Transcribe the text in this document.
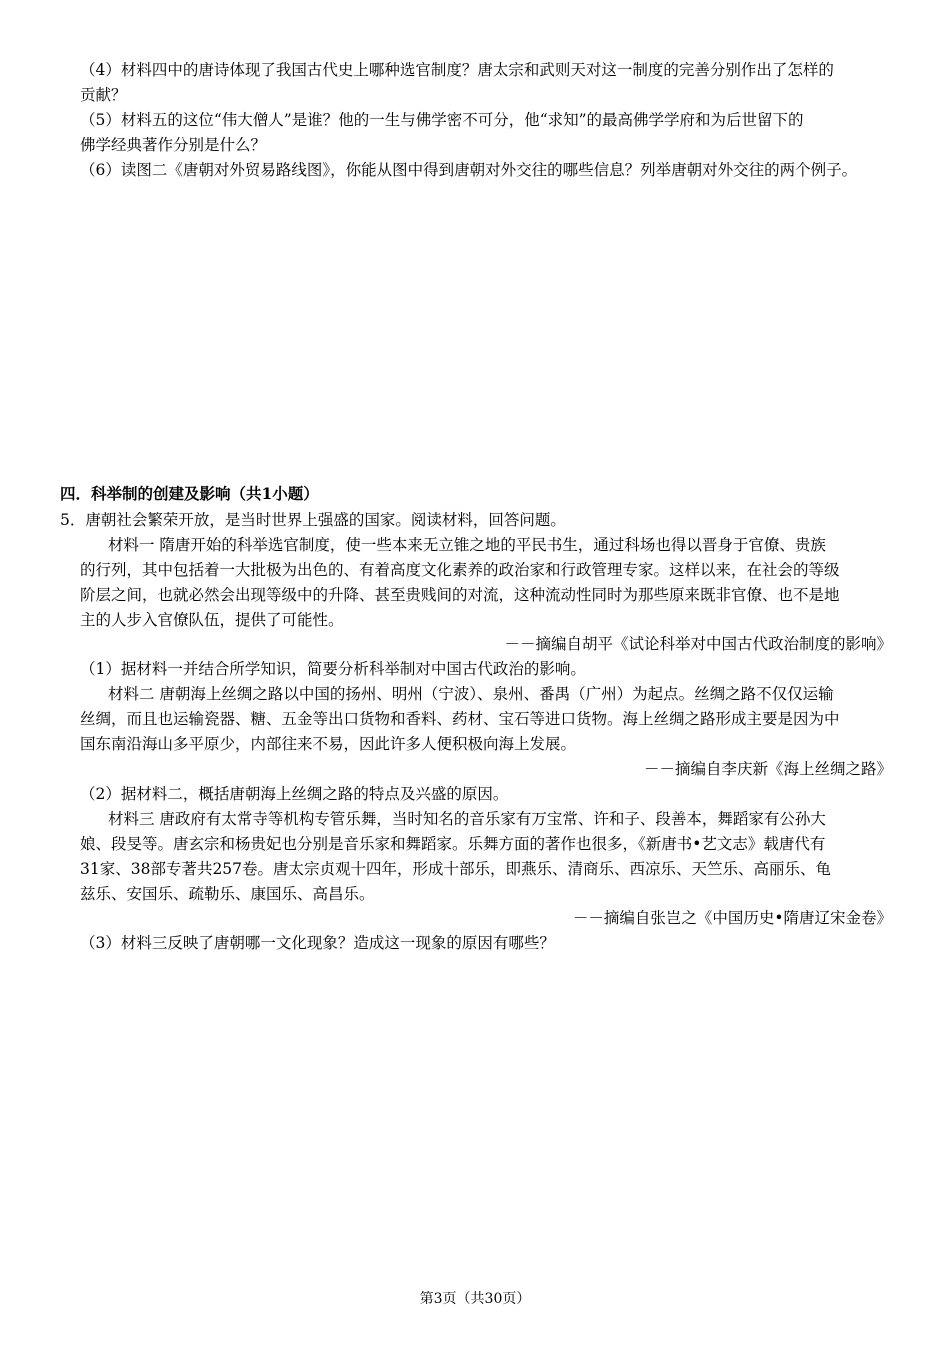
（4）材料四中的唐诗体现了我国古代史上哪种选官制度？唐太宗和武则天对这一制度的完善分别作出了怎样的
贡献？
（5）材料五的这位“伟大僧人”是谁？他的一生与佛学密不可分，他“求知”的最高佛学学府和为后世留下的
佛学经典著作分别是什么？
（6）读图二《唐朝对外贸易路线图》，你能从图中得到唐朝对外交往的哪些信息？列举唐朝对外交往的两个例子。
四．科举制的创建及影响（共1小题）
5．唐朝社会繁荣开放，是当时世界上强盛的国家。阅读材料，回答问题。
材料一 隋唐开始的科举选官制度，使一些本来无立锥之地的平民书生，通过科场也得以晋身于官僚、贵族
的行列，其中包括着一大批极为出色的、有着高度文化素养的政治家和行政管理专家。这样以来，在社会的等级
阶层之间，也就必然会出现等级中的升降、甚至贵贱间的对流，这种流动性同时为那些原来既非官僚、也不是地
主的人步入官僚队伍，提供了可能性。
－－摘编自胡平《试论科举对中国古代政治制度的影响》
（1）据材料一并结合所学知识，简要分析科举制对中国古代政治的影响。
材料二 唐朝海上丝绸之路以中国的扬州、明州（宁波）、泉州、番禺（广州）为起点。丝绸之路不仅仅运输
丝绸，而且也运输瓷器、糖、五金等出口货物和香料、药材、宝石等进口货物。海上丝绸之路形成主要是因为中
国东南沿海山多平原少，内部往来不易，因此许多人便积极向海上发展。
－－摘编自李庆新《海上丝绸之路》
（2）据材料二，概括唐朝海上丝绸之路的特点及兴盛的原因。
材料三 唐政府有太常寺等机构专管乐舞，当时知名的音乐家有万宝常、许和子、段善本，舞蹈家有公孙大
娘、段旻等。唐玄宗和杨贵妃也分别是音乐家和舞蹈家。乐舞方面的著作也很多，《新唐书•艺文志》载唐代有
31家、38部专著共257卷。唐太宗贞观十四年，形成十部乐，即燕乐、清商乐、西凉乐、天竺乐、高丽乐、龟
兹乐、安国乐、疏勒乐、康国乐、高昌乐。
－－摘编自张岂之《中国历史•隋唐辽宋金卷》
（3）材料三反映了唐朝哪一文化现象？造成这一现象的原因有哪些？
第3页（共30页）
